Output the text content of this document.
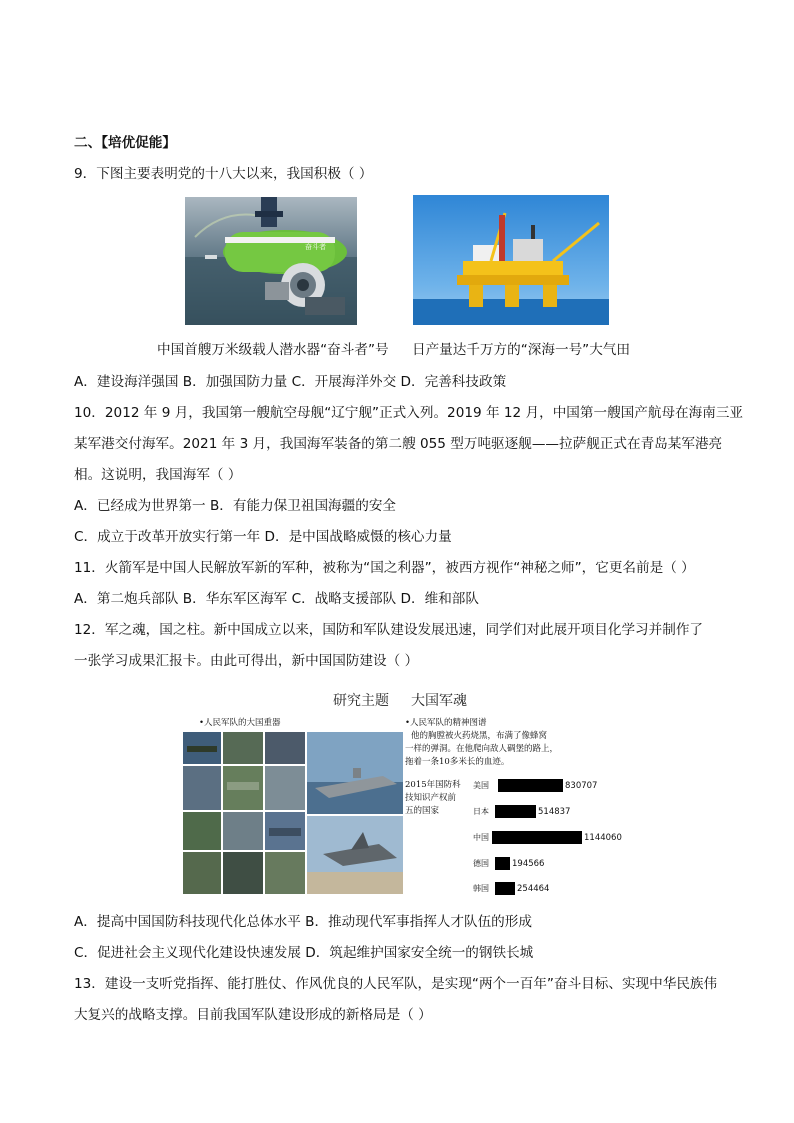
二、【培优促能】
9．下图主要表明党的十八大以来，我国积极（ ）
奋斗者
中国首艘万米级载人潜水器“奋斗者”号 日产量达千万方的“深海一号”大气田
A．建设海洋强国 B．加强国防力量 C．开展海洋外交 D．完善科技政策
10．2012 年 9 月，我国第一艘航空母舰“辽宁舰”正式入列。2019 年 12 月，中国第一艘国产航母在海南三亚
某军港交付海军。2021 年 3 月，我国海军装备的第二艘 055 型万吨驱逐舰——拉萨舰正式在青岛某军港亮
相。这说明，我国海军（ ）
A．已经成为世界第一 B．有能力保卫祖国海疆的安全
C．成立于改革开放实行第一年 D．是中国战略威慑的核心力量
11．火箭军是中国人民解放军新的军种，被称为“国之利器”，被西方视作“神秘之师”，它更名前是（ ）
A．第二炮兵部队 B．华东军区海军 C．战略支援部队 D．维和部队
12．军之魂，国之柱。新中国成立以来，国防和军队建设发展迅速，同学们对此展开项目化学习并制作了
一张学习成果汇报卡。由此可得出，新中国国防建设（ ）
研究主题 大国军魂
•人民军队的大国重器	•人民军队的精神图谱
他的胸膛被火药烧黑，布满了像蜂窝
一样的弹洞。在他爬向敌人碉堡的路上，
拖着一条10多米长的血迹。
2015年国防科
技知识产权前
五的国家
美国	830707
日本	514837
中国	1144060
德国	194566
韩国	254464
A．提高中国国防科技现代化总体水平 B．推动现代军事指挥人才队伍的形成
C．促进社会主义现代化建设快速发展 D．筑起维护国家安全统一的钢铁长城
13．建设一支听党指挥、能打胜仗、作风优良的人民军队，是实现“两个一百年”奋斗目标、实现中华民族伟
大复兴的战略支撑。目前我国军队建设形成的新格局是（ ）
